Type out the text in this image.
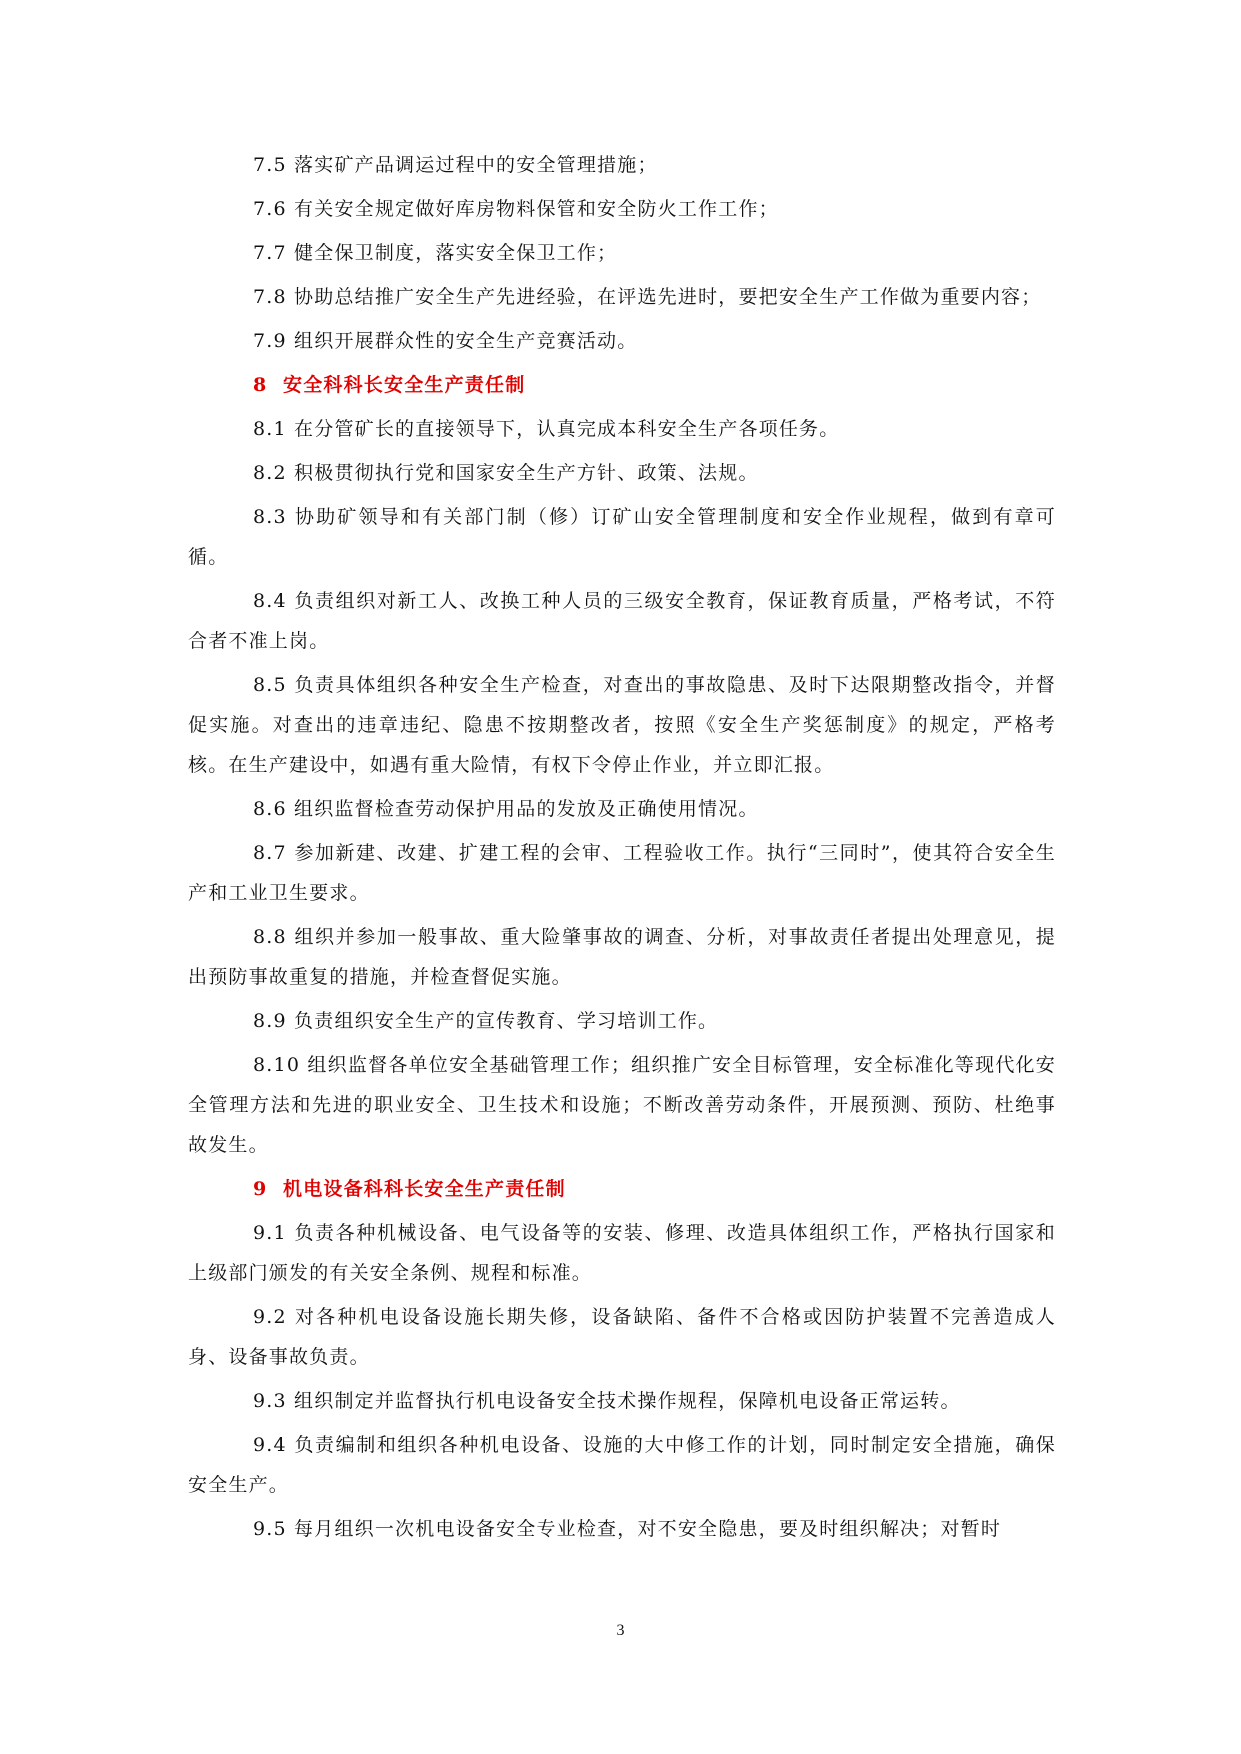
7.5 落实矿产品调运过程中的安全管理措施；

7.6 有关安全规定做好库房物料保管和安全防火工作工作；

7.7 健全保卫制度，落实安全保卫工作；

7.8 协助总结推广安全生产先进经验，在评选先进时，要把安全生产工作做为重要内容；

7.9 组织开展群众性的安全生产竞赛活动。

8 安全科科长安全生产责任制

8.1 在分管矿长的直接领导下，认真完成本科安全生产各项任务。

8.2 积极贯彻执行党和国家安全生产方针、政策、法规。

8.3 协助矿领导和有关部门制（修）订矿山安全管理制度和安全作业规程，做到有章可循。

8.4 负责组织对新工人、改换工种人员的三级安全教育，保证教育质量，严格考试，不符合者不准上岗。

8.5 负责具体组织各种安全生产检查，对查出的事故隐患、及时下达限期整改指令，并督促实施。对查出的违章违纪、隐患不按期整改者，按照《安全生产奖惩制度》的规定，严格考核。在生产建设中，如遇有重大险情，有权下令停止作业，并立即汇报。

8.6 组织监督检查劳动保护用品的发放及正确使用情况。

8.7 参加新建、改建、扩建工程的会审、工程验收工作。执行“三同时”，使其符合安全生产和工业卫生要求。

8.8 组织并参加一般事故、重大险肇事故的调查、分析，对事故责任者提出处理意见，提出预防事故重复的措施，并检查督促实施。

8.9 负责组织安全生产的宣传教育、学习培训工作。

8.10 组织监督各单位安全基础管理工作；组织推广安全目标管理，安全标准化等现代化安全管理方法和先进的职业安全、卫生技术和设施；不断改善劳动条件，开展预测、预防、杜绝事故发生。

9 机电设备科科长安全生产责任制

9.1 负责各种机械设备、电气设备等的安装、修理、改造具体组织工作，严格执行国家和上级部门颁发的有关安全条例、规程和标准。

9.2 对各种机电设备设施长期失修，设备缺陷、备件不合格或因防护装置不完善造成人身、设备事故负责。

9.3 组织制定并监督执行机电设备安全技术操作规程，保障机电设备正常运转。

9.4 负责编制和组织各种机电设备、设施的大中修工作的计划，同时制定安全措施，确保安全生产。

9.5 每月组织一次机电设备安全专业检查，对不安全隐患，要及时组织解决；对暂时

3
